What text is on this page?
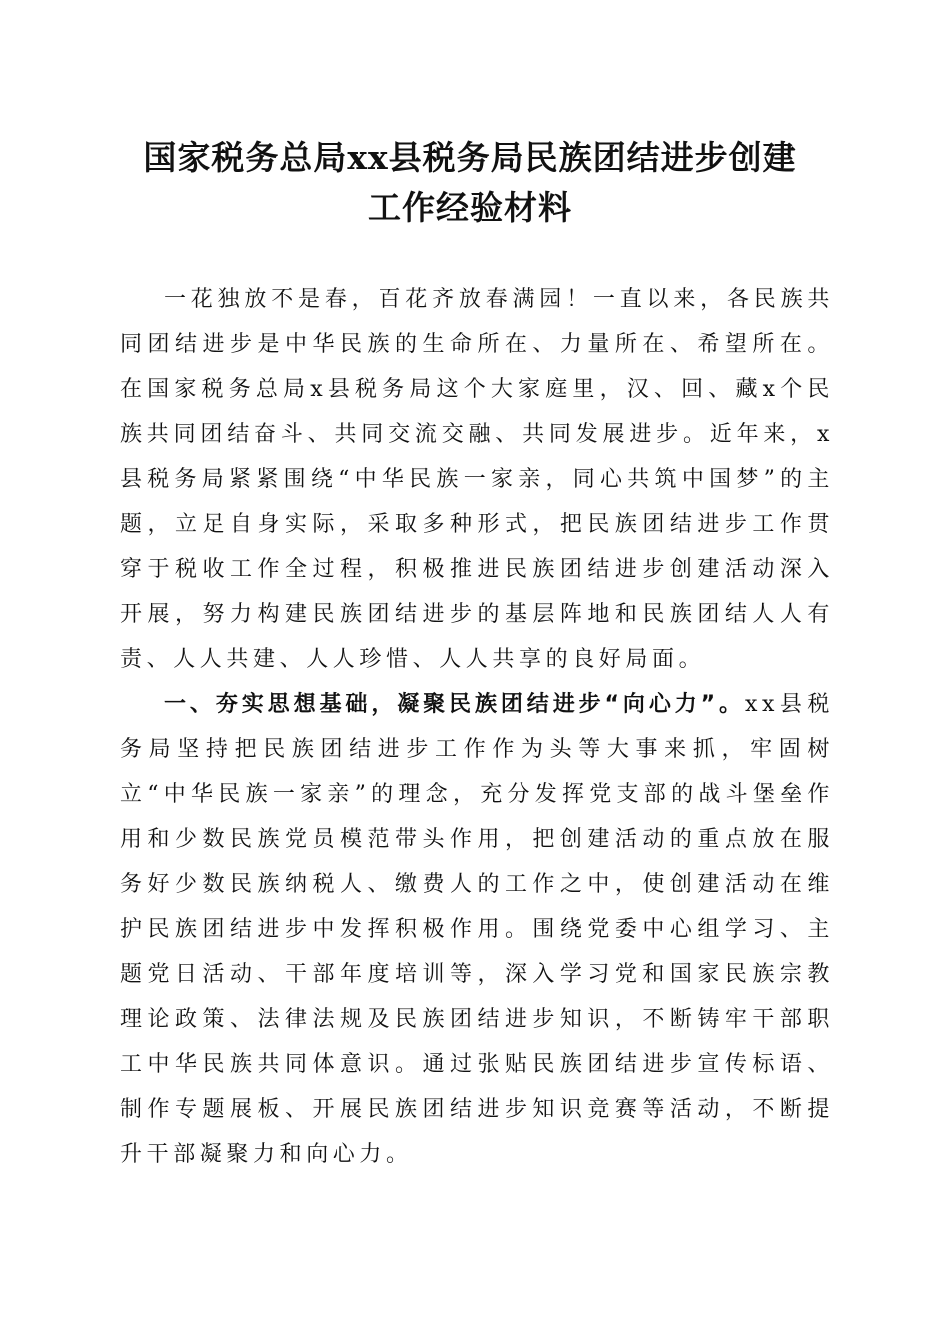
国家税务总局xx县税务局民族团结进步创建
工作经验材料

一花独放不是春，百花齐放春满园！一直以来，各民族共同团结进步是中华民族的生命所在、力量所在、希望所在。在国家税务总局x县税务局这个大家庭里，汉、回、藏x个民族共同团结奋斗、共同交流交融、共同发展进步。近年来，x县税务局紧紧围绕“中华民族一家亲，同心共筑中国梦”的主题，立足自身实际，采取多种形式，把民族团结进步工作贯穿于税收工作全过程，积极推进民族团结进步创建活动深入开展，努力构建民族团结进步的基层阵地和民族团结人人有责、人人共建、人人珍惜、人人共享的良好局面。

一、夯实思想基础，凝聚民族团结进步“向心力”。xx县税务局坚持把民族团结进步工作作为头等大事来抓，牢固树立“中华民族一家亲”的理念，充分发挥党支部的战斗堡垒作用和少数民族党员模范带头作用，把创建活动的重点放在服务好少数民族纳税人、缴费人的工作之中，使创建活动在维护民族团结进步中发挥积极作用。围绕党委中心组学习、主题党日活动、干部年度培训等，深入学习党和国家民族宗教理论政策、法律法规及民族团结进步知识，不断铸牢干部职工中华民族共同体意识。通过张贴民族团结进步宣传标语、制作专题展板、开展民族团结进步知识竞赛等活动，不断提升干部凝聚力和向心力。
